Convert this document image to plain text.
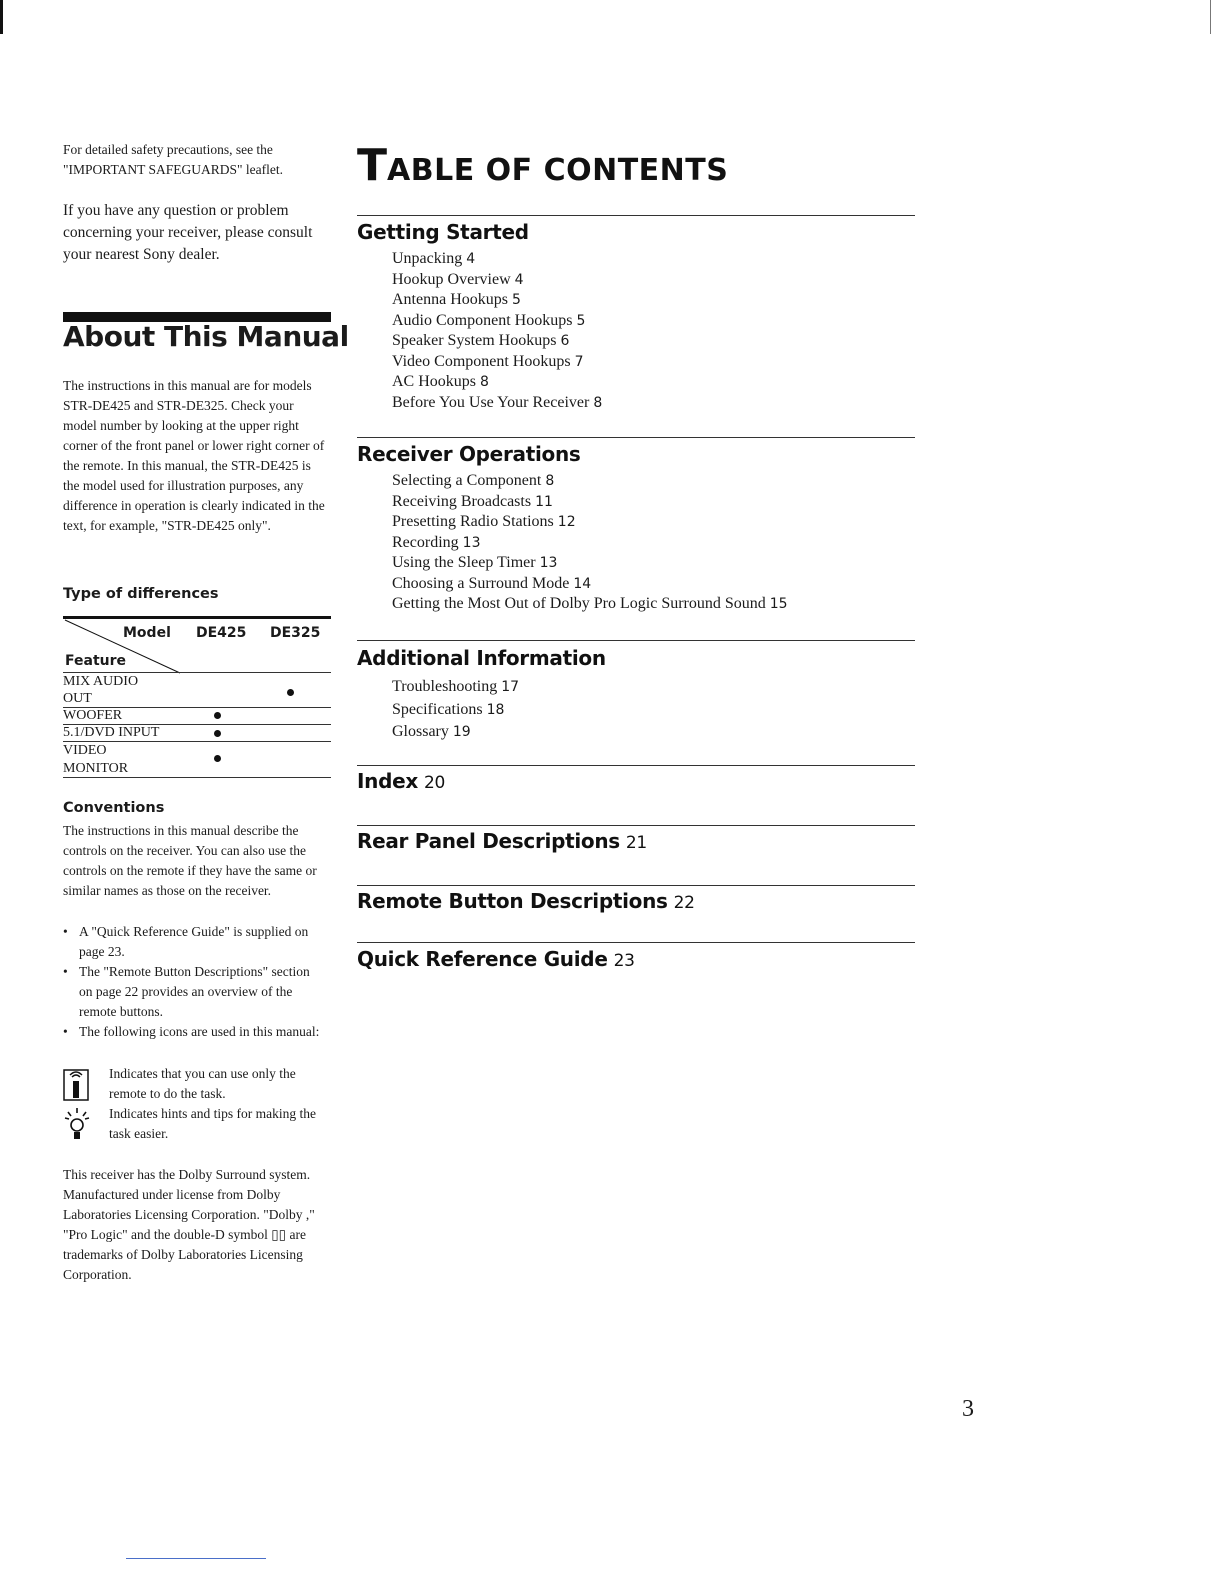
For detailed safety precautions, see the "IMPORTANT SAFEGUARDS" leaflet.
If you have any question or problem concerning your receiver, please consult your nearest Sony dealer.
About This Manual
The instructions in this manual are for models STR-DE425 and STR-DE325. Check your model number by looking at the upper right corner of the front panel or lower right corner of the remote. In this manual, the STR-DE425 is the model used for illustration purposes, any difference in operation is clearly indicated in the text, for example, "STR-DE425 only".
Type of differences
Model
Feature
DE425 DE325
MIX AUDIO
OUT
WOOFER
5.1/DVD INPUT
VIDEO
MONITOR
Conventions
The instructions in this manual describe the controls on the receiver. You can also use the controls on the remote if they have the same or similar names as those on the receiver.
• A "Quick Reference Guide" is supplied on page 23.
• The "Remote Button Descriptions" section on page 22 provides an overview of the remote buttons.
• The following icons are used in this manual:
Indicates that you can use only the remote to do the task.
Indicates hints and tips for making the task easier.
This receiver has the Dolby Surround system.
Manufactured under license from Dolby Laboratories Licensing Corporation. "Dolby ," "Pro Logic" and the double-D symbol ▯▯ are trademarks of Dolby Laboratories Licensing Corporation.
TABLE OF CONTENTS
Getting Started
Unpacking 4
Hookup Overview 4
Antenna Hookups 5
Audio Component Hookups 5
Speaker System Hookups 6
Video Component Hookups 7
AC Hookups 8
Before You Use Your Receiver 8
Receiver Operations
Selecting a Component 8
Receiving Broadcasts 11
Presetting Radio Stations 12
Recording 13
Using the Sleep Timer 13
Choosing a Surround Mode 14
Getting the Most Out of Dolby Pro Logic Surround Sound 15
Additional Information
Troubleshooting 17
Specifications 18
Glossary 19
Index 20
Rear Panel Descriptions 21
Remote Button Descriptions 22
Quick Reference Guide 23
3
